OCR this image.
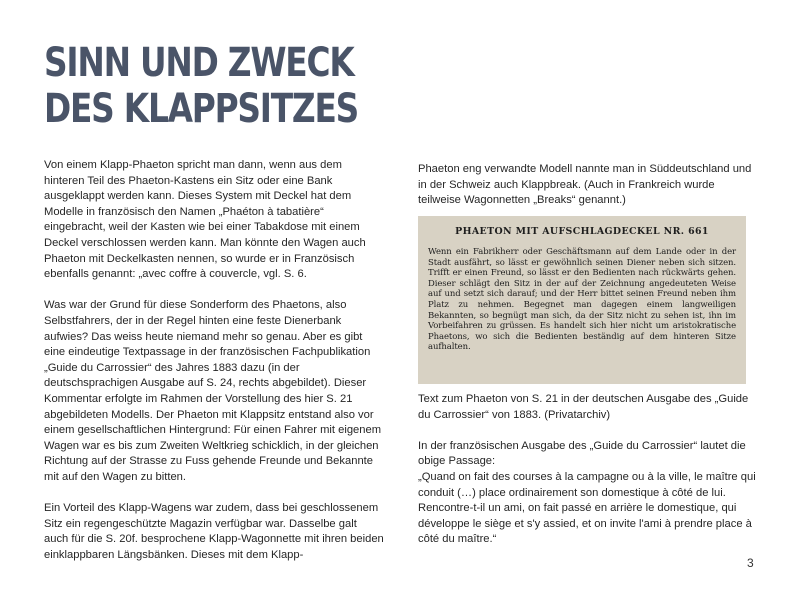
SINN UND ZWECK DES KLAPPSITZES

Von einem Klapp-Phaeton spricht man dann, wenn aus dem hinteren Teil des Phaeton-Kastens ein Sitz oder eine Bank ausgeklappt werden kann. Dieses System mit Deckel hat dem Modelle in französisch den Namen „Phaéton à tabatière“ eingebracht, weil der Kasten wie bei einer Tabakdose mit einem Deckel verschlossen werden kann. Man könnte den Wagen auch Phaeton mit Deckelkasten nennen, so wurde er in Französisch ebenfalls genannt: „avec coffre à couvercle, vgl. S. 6.

Was war der Grund für diese Sonderform des Phaetons, also Selbstfahrers, der in der Regel hinten eine feste Dienerbank aufwies? Das weiss heute niemand mehr so genau. Aber es gibt eine eindeutige Textpassage in der französischen Fachpublikation „Guide du Carrossier“ des Jahres 1883 dazu (in der deutschsprachigen Ausgabe auf S. 24, rechts abgebildet). Dieser Kommentar erfolgte im Rahmen der Vorstellung des hier S. 21 abgebildeten Modells. Der Phaeton mit Klappsitz entstand also vor einem gesellschaftlichen Hintergrund: Für einen Fahrer mit eigenem Wagen war es bis zum Zweiten Weltkrieg schicklich, in der gleichen Richtung auf der Strasse zu Fuss gehende Freunde und Bekannte mit auf den Wagen zu bitten.

Ein Vorteil des Klapp-Wagens war zudem, dass bei geschlossenem Sitz ein regengeschützte Magazin verfügbar war. Dasselbe galt auch für die S. 20f. besprochene Klapp-Wagonnette mit ihren beiden einklappbaren Längsbänken. Dieses mit dem Klapp-

Phaeton eng verwandte Modell nannte man in Süddeutschland und in der Schweiz auch Klappbreak. (Auch in Frankreich wurde teilweise Wagonnetten „Breaks“ genannt.)

PHAETON MIT AUFSCHLAGDECKEL NR. 661
Wenn ein Fabrikherr oder Geschäftsmann auf dem Lande oder in der Stadt ausfährt, so lässt er gewöhnlich seinen Diener neben sich sitzen. Trifft er einen Freund, so lässt er den Bedienten nach rückwärts gehen. Dieser schlägt den Sitz in der auf der Zeichnung angedeuteten Weise auf und setzt sich darauf; und der Herr bittet seinen Freund neben ihm Platz zu nehmen. Begegnet man dagegen einem langweiligen Bekannten, so begnügt man sich, da der Sitz nicht zu sehen ist, ihn im Vorbeifahren zu grüssen. Es handelt sich hier nicht um aristokratische Phaetons, wo sich die Bedienten beständig auf dem hinteren Sitze aufhalten.

Text zum Phaeton von S. 21 in der deutschen Ausgabe des „Guide du Carrossier“ von 1883. (Privatarchiv)

In der französischen Ausgabe des „Guide du Carrossier“ lautet die obige Passage:

„Quand on fait des courses à la campagne ou à la ville, le maître qui conduit (…) place ordinairement son domestique à côté de lui. Rencontre-t-il un ami, on fait passé en arrière le domestique, qui développe le siège et s'y assied, et on invite l'ami à prendre place à côté du maître.“

3
